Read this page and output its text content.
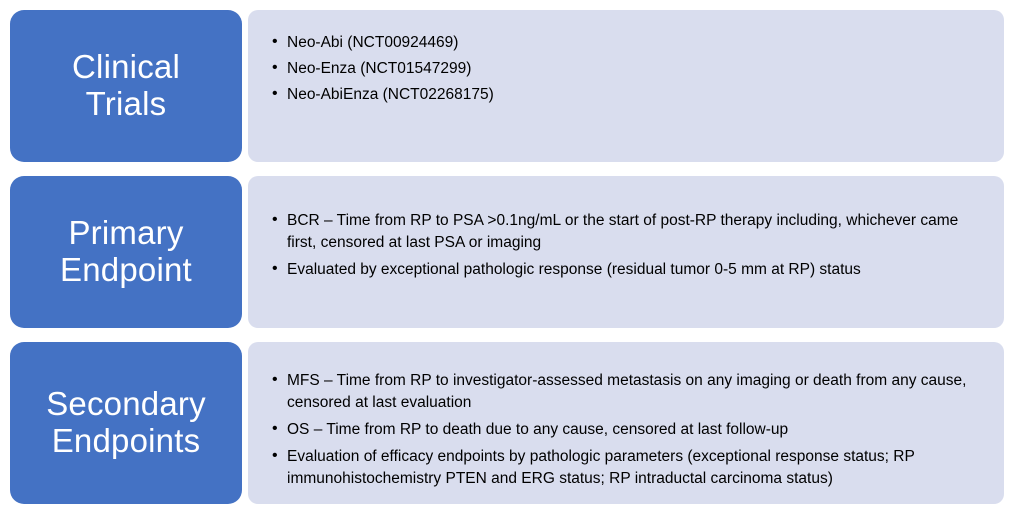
Clinical
Trials
• Neo-Abi (NCT00924469)
• Neo-Enza (NCT01547299)
• Neo-AbiEnza (NCT02268175)
Primary
Endpoint
• BCR – Time from RP to PSA >0.1ng/mL or the start of post-RP therapy including, whichever came first, censored at last PSA or imaging
• Evaluated by exceptional pathologic response (residual tumor 0-5 mm at RP) status
Secondary
Endpoints
• MFS – Time from RP to investigator-assessed metastasis on any imaging or death from any cause, censored at last evaluation
• OS – Time from RP to death due to any cause, censored at last follow-up
• Evaluation of efficacy endpoints by pathologic parameters (exceptional response status; RP immunohistochemistry PTEN and ERG status; RP intraductal carcinoma status)
